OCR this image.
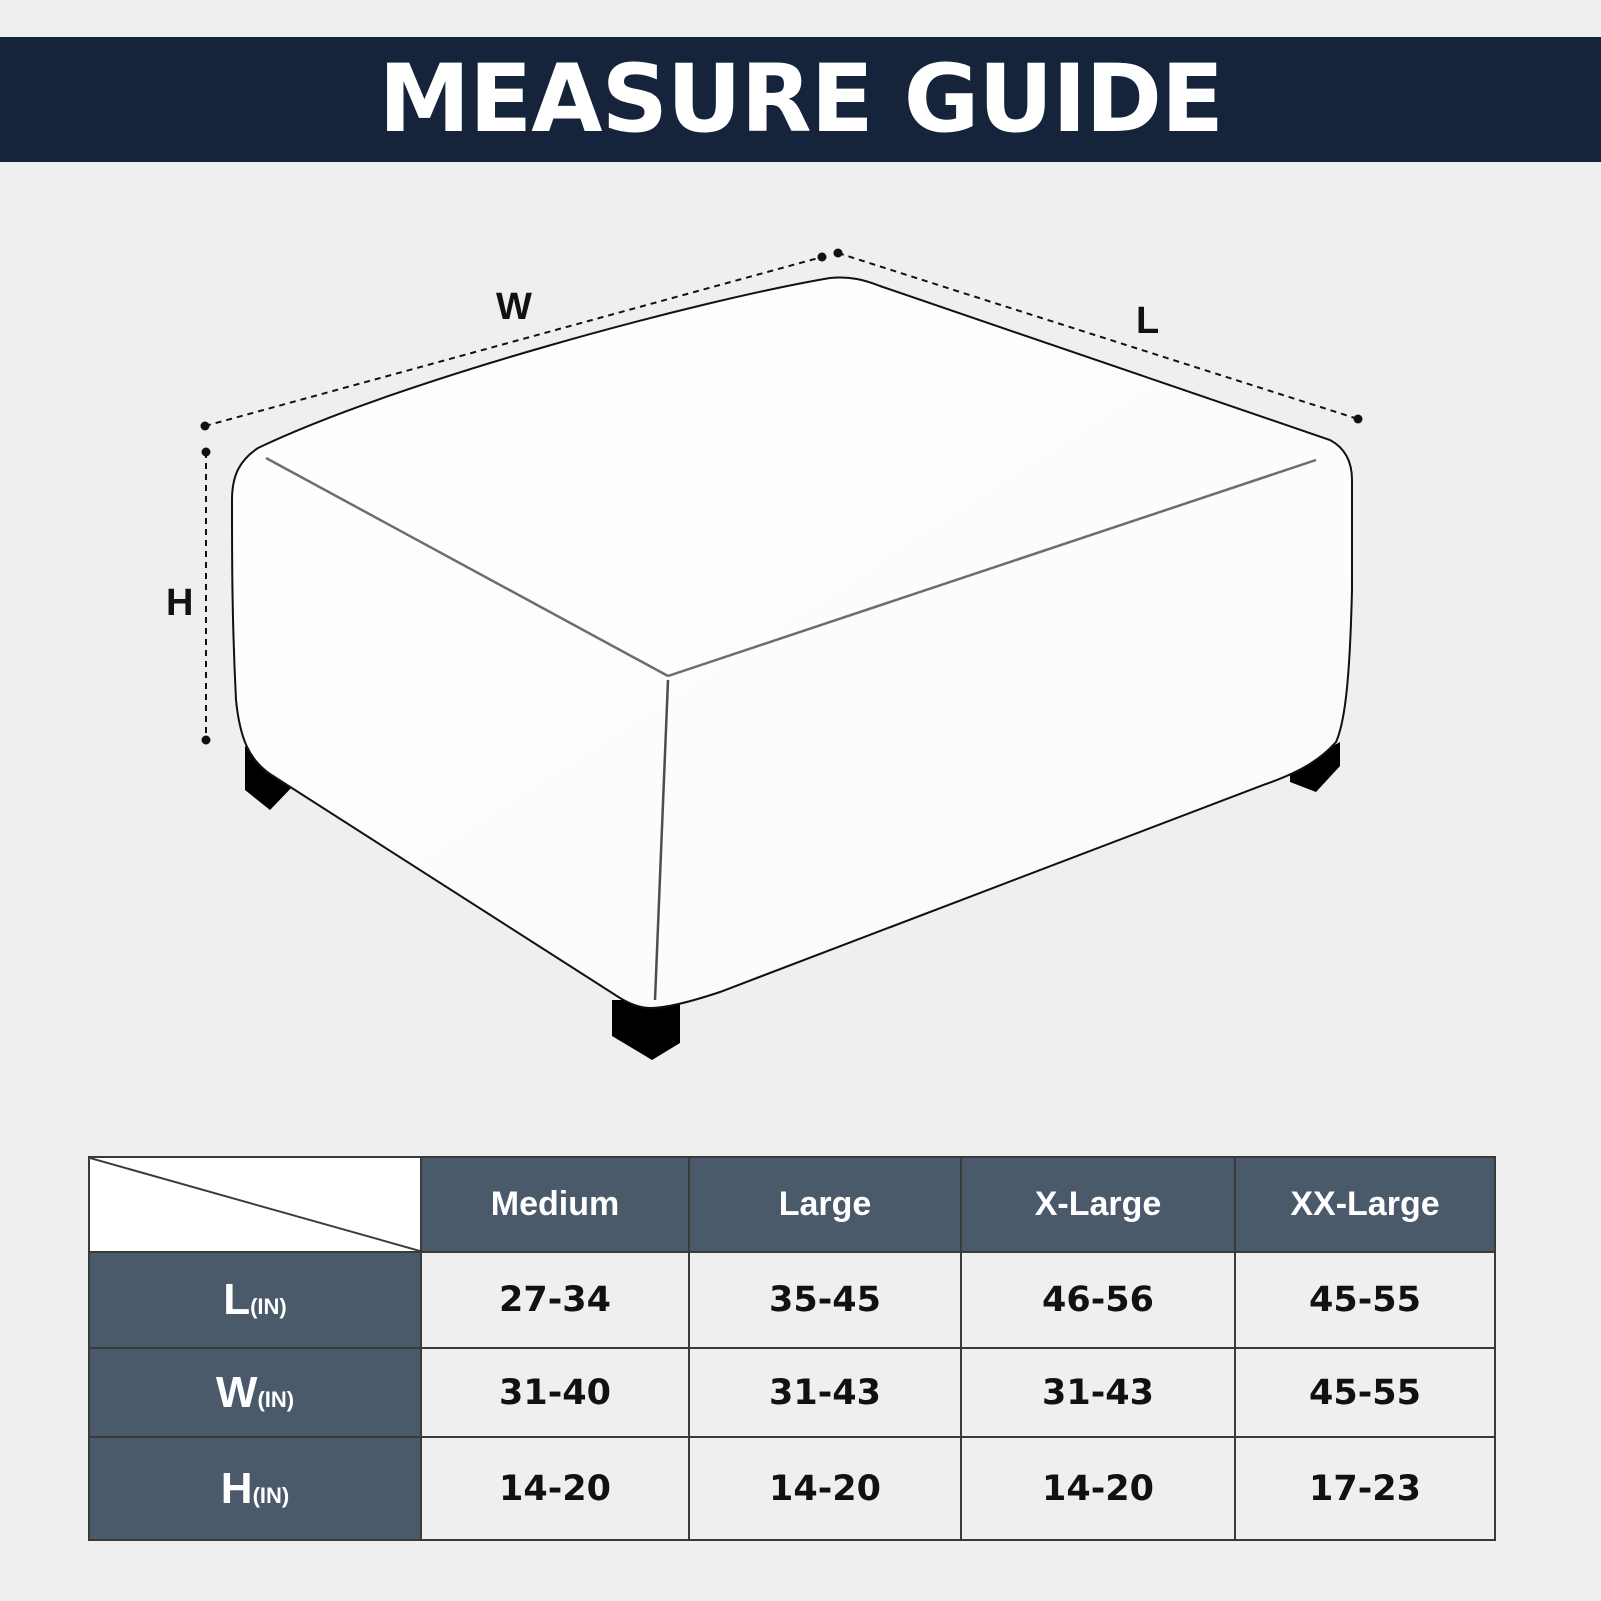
MEASURE GUIDE
W	L
H
	Medium	Large	X-Large	XX-Large
L(IN)	27-34	35-45	46-56	45-55
W(IN)	31-40	31-43	31-43	45-55
H(IN)	14-20	14-20	14-20	17-23
